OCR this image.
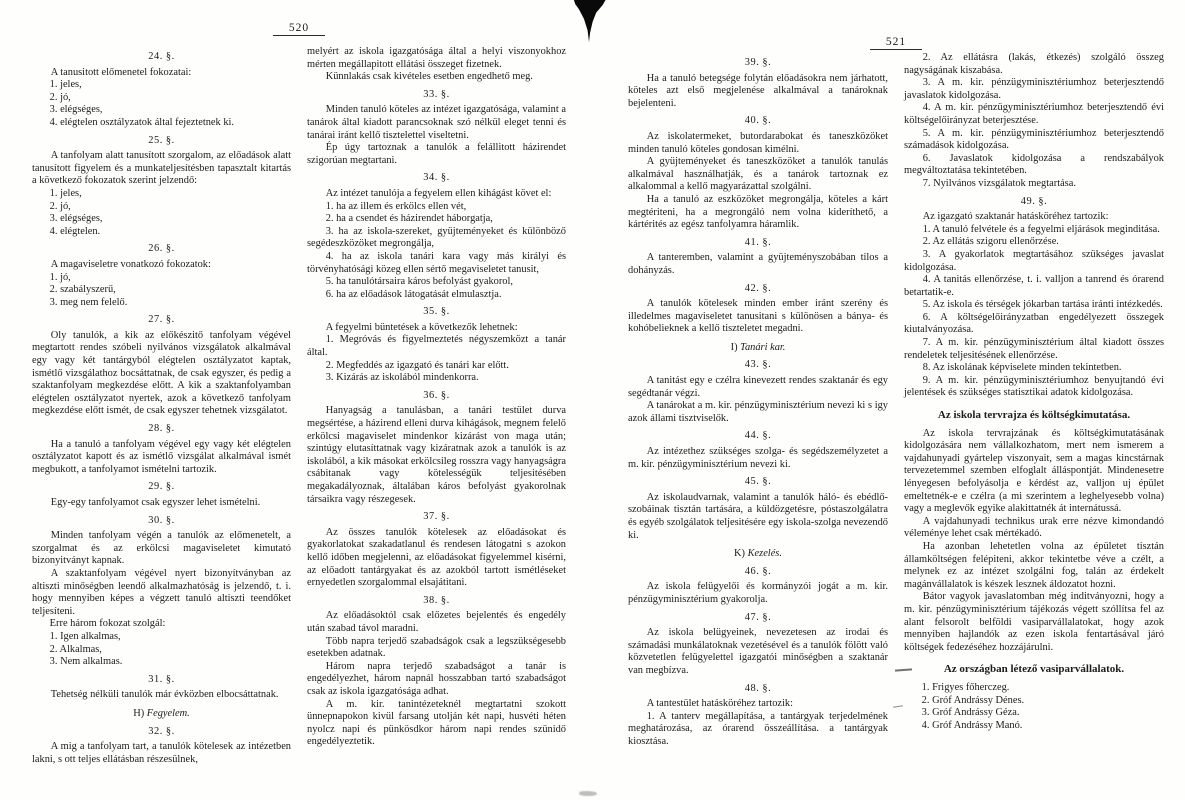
520
24. §.
A tanusitott előmenetel fokozatai:
1. jeles,
2. jó,
3. elégséges,
4. elégtelen osztályzatok által fejeztetnek ki.
25. §.
A tanfolyam alatt tanusított szorgalom, az előadások alatt tanusított figyelem és a munkateljesítésben tapasztalt kitartás a következő fokozatok szerint jelzendő:
1. jeles,
2. jó,
3. elégséges,
4. elégtelen.
26. §.
A magaviseletre vonatkozó fokozatok:
1. jó,
2. szabályszerű,
3. meg nem felelő.
27. §.
Oly tanulók, a kik az előkészitő tanfolyam végével megtartott rendes szóbeli nyilvános vizsgálatok alkalmával egy vagy két tantárgyból elégtelen osztályzatot kaptak, ismétlő vizsgálathoz bocsáttatnak, de csak egyszer, és pedig a szaktanfolyam megkezdése előtt. A kik a szaktanfolyamban elégtelen osztályzatot nyertek, azok a következő tanfolyam megkezdése előtt ismét, de csak egyszer tehetnek vizsgálatot.
28. §.
Ha a tanuló a tanfolyam végével egy vagy két elégtelen osztályzatot kapott és az ismétlő vizsgálat alkalmával ismét megbukott, a tanfolyamot ismételni tartozik.
29. §.
Egy-egy tanfolyamot csak egyszer lehet ismételni.
30. §.
Minden tanfolyam végén a tanulók az előmenetelt, a szorgalmat és az erkölcsi magaviseletet kimutató bizonyitványt kapnak.
A szaktanfolyam végével nyert bizonyítványban az altiszti minőségben leendő alkalmazhatóság is jelzendő, t. i. hogy mennyiben képes a végzett tanuló altiszti teendőket teljesíteni.
Erre három fokozat szolgál:
1. Igen alkalmas,
2. Alkalmas,
3. Nem alkalmas.
31. §.
Tehetség nélküli tanulók már évközben elbocsáttatnak.
H) Fegyelem.
32. §.
A mig a tanfolyam tart, a tanulók kötelesek az intézetben lakni, s ott teljes ellátásban részesülnek,
melyért az iskola igazgatósága által a helyi viszonyokhoz mérten megállapitott ellátási összeget fizetnek.
Künnlakás csak kivételes esetben engedhető meg.
33. §.
Minden tanuló köteles az intézet igazgatósága, valamint a tanárok által kiadott parancsoknak szó nélkül eleget tenni és tanárai iránt kellő tisztelettel viseltetni.
Ép úgy tartoznak a tanulók a felállitott házirendet szigorúan megtartani.
34. §.
Az intézet tanulója a fegyelem ellen kihágást követ el:
1. ha az illem és erkölcs ellen vét,
2. ha a csendet és házirendet háborgatja,
3. ha az iskola-szereket, gyüjteményeket és különböző segédeszközöket megrongálja,
4. ha az iskola tanári kara vagy más királyi és törvényhatósági közeg ellen sértő megaviseletet tanusit,
5. ha tanulótársaira káros befolyást gyakorol,
6. ha az előadások látogatását elmulasztja.
35. §.
A fegyelmi büntetések a következők lehetnek:
1. Megróvás és figyelmeztetés négyszemközt a tanár által.
2. Megfeddés az igazgató és tanári kar előtt.
3. Kizárás az iskolából mindenkorra.
36. §.
Hanyagság a tanulásban, a tanári testület durva megsértése, a házirend elleni durva kihágások, megnem felelő erkölcsi magaviselet mindenkor kizárást von maga után; szintúgy elutasíttatnak vagy kizáratnak azok a tanulók is az iskolából, a kik másokat erkölcsileg rosszra vagy hanyagságra csábitanak vagy kötelességük teljesitésében megakadályoznak, általában káros befolyást gyakorolnak társaikra vagy részegesek.
37. §.
Az összes tanulók kötelesek az előadásokat és gyakorlatokat szakadatlanul és rendesen látogatni s azokon kellő időben megjelenni, az előadásokat figyelemmel kisérni, az előadott tantárgyakat és az azokból tartott ismétléseket ernyedetlen szorgalommal elsajátitani.
38. §.
Az előadásoktól csak előzetes bejelentés és engedély után szabad távol maradni.
Több napra terjedő szabadságok csak a legszükségesebb esetekben adatnak.
Három napra terjedő szabadságot a tanár is engedélyezhet, három napnál hosszabban tartó szabadságot csak az iskola igazgatósága adhat.
A m. kir. tanintézeteknél megtartatni szokott ünnepnapokon kivül farsang utolján két napi, husvéti héten nyolcz napi és pünkösdkor három napi rendes szünidő engedélyeztetik.
521
39. §.
Ha a tanuló betegsége folytán előadásokra nem járhatott, köteles azt első megjelenése alkalmával a tanároknak bejelenteni.
40. §.
Az iskolatermeket, butordarabokat és taneszközöket minden tanuló köteles gondosan kimélni.
A gyüjteményeket és taneszközöket a tanulók tanulás alkalmával használhatják, és a tanárok tartoznak ez alkalommal a kellő magyarázattal szolgálni.
Ha a tanuló az eszközöket megrongálja, köteles a kárt megtériteni, ha a megrongáló nem volna kideríthető, a kártérités az egész tanfolyamra háramlik.
41. §.
A tanteremben, valamint a gyüjteményszobában tilos a dohányzás.
42. §.
A tanulók kötelesek minden ember iránt szerény és illedelmes magaviseletet tanusitani s különösen a bánya- és kohóbelieknek a kellő tiszteletet megadni.
I) Tanári kar.
43. §.
A tanitást egy e czélra kinevezett rendes szaktanár és egy segédtanár végzi.
A tanárokat a m. kir. pénzügyminisztérium nevezi ki s igy azok állami tisztviselők.
44. §.
Az intézethez szükséges szolga- és segédszemélyzetet a m. kir. pénzügyminisztérium nevezi ki.
45. §.
Az iskolaudvarnak, valamint a tanulók háló- és ebédlő-szobáinak tisztán tartására, a küldözgetésre, póstaszolgálatra és egyéb szolgálatok teljesitésére egy iskola-szolga nevezendő ki.
K) Kezelés.
46. §.
Az iskola felügyelői és kormányzói jogát a m. kir. pénzügyminisztérium gyakorolja.
47. §.
Az iskola belügyeinek, nevezetesen az irodai és számadási munkálatoknak vezetésével és a tanulók fölött való közvetetlen felügyelettel igazgatói minőségben a szaktanár van megbízva.
48. §.
A tantestület hatásköréhez tartozik:
1. A tanterv megállapítása, a tantárgyak terjedelmének meghatározása, az órarend összeállítása. a tantárgyak kiosztása.
2. Az ellátásra (lakás, étkezés) szolgáló összeg nagyságának kiszabása.
3. A m. kir. pénzügyminisztériumhoz beterjesztendő javaslatok kidolgozása.
4. A m. kir. pénzügyminisztériumhoz beterjesztendő évi költségelőirányzat beterjesztése.
5. A m. kir. pénzügyminisztériumhoz beterjesztendő számadások kidolgozása.
6. Javaslatok kidolgozása a rendszabályok megváltoztatása tekintetében.
7. Nyilvános vizsgálatok megtartása.
49. §.
Az igazgató szaktanár hatásköréhez tartozik:
1. A tanuló felvétele és a fegyelmi eljárások meginditása.
2. Az ellátás szigoru ellenőrzése.
3. A gyakorlatok megtartásához szükséges javaslat kidolgozása.
4. A tanitás ellenőrzése, t. i. valljon a tanrend és órarend betartatik-e.
5. Az iskola és térségek jókarban tartása iránti intézkedés.
6. A költségelőirányzatban engedélyezett összegek kiutalványozása.
7. A m. kir. pénzügyminisztérium által kiadott összes rendeletek teljesitésének ellenőrzése.
8. Az iskolának képviselete minden tekintetben.
9. A m. kir. pénzügyminisztériumhoz benyujtandó évi jelentések és szükséges statisztikai adatok kidolgozása.
Az iskola tervrajza és költségkimutatása.
Az iskola tervrajzának és költségkimutatásának kidolgozására nem vállalkozhatom, mert nem ismerem a vajdahunyadi gyártelep viszonyait, sem a magas kincstárnak tervezetemmel szemben elfoglalt álláspontját. Mindenesetre lényegesen befolyásolja e kérdést az, valljon uj épület emeltetnék-e e czélra (a mi szerintem a leghelyesebb volna) vagy a meglevők egyike alakittatnék át internátussá.
A vajdahunyadi technikus urak erre nézve kimondandó véleménye lehet csak mértékadó.
Ha azonban lehetetlen volna az épületet tisztán államköltségen felépiteni, akkor tekintetbe véve a czélt, a melynek ez az intézet szolgálni fog, talán az érdekelt magánvállalatok is készek lesznek áldozatot hozni.
Bátor vagyok javaslatomban még inditványozni, hogy a m. kir. pénzügyminisztérium tájékozás végett szóllítsa fel az alant felsorolt belföldi vasiparvállalatokat, hogy azok mennyiben hajlandók az ezen iskola fentartásával járó költségek fedezéséhez hozzájárulni.
Az országban létező vasiparvállalatok.
1. Frigyes főherczeg.
2. Gróf Andrássy Dénes.
3. Gróf Andrássy Géza.
4. Gróf Andrássy Manó.
